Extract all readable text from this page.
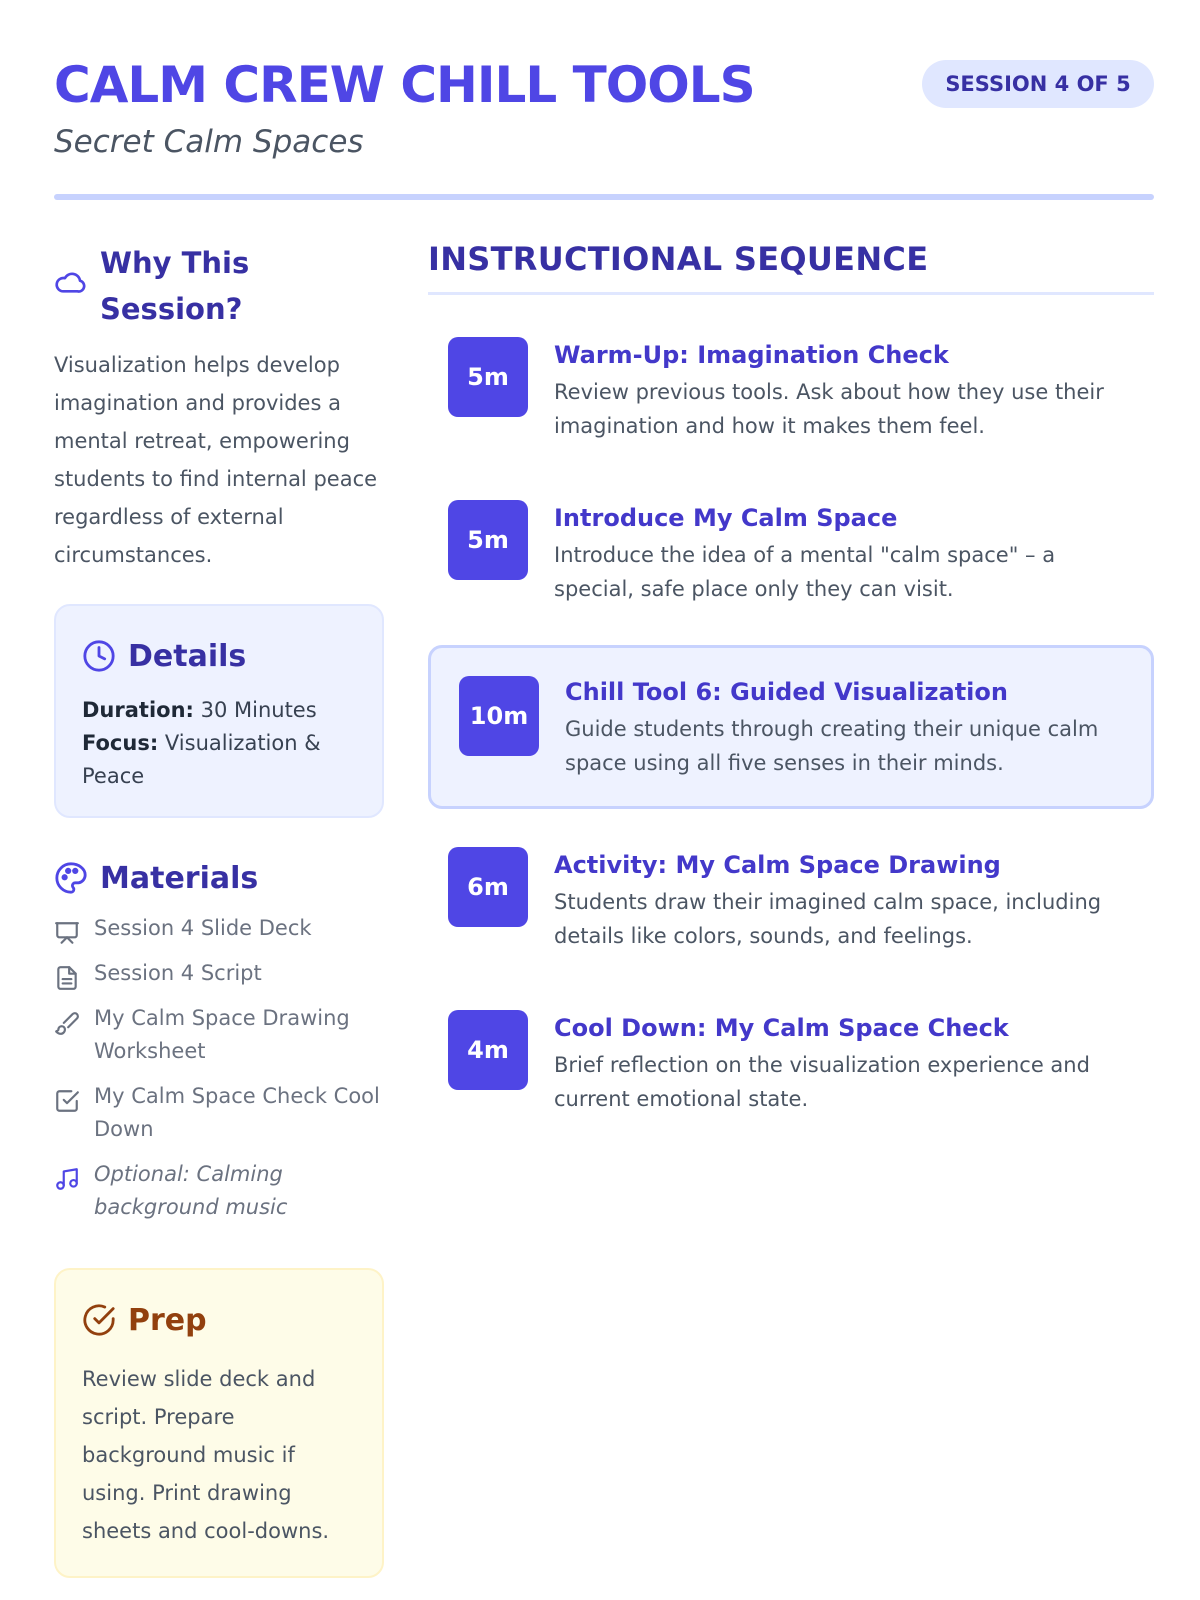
CALM CREW CHILL TOOLS
Secret Calm Spaces
SESSION 4 OF 5
Why This Session?
Visualization helps develop imagination and provides a mental retreat, empowering students to find internal peace regardless of external circumstances.
Details
Duration: 30 Minutes
Focus: Visualization & Peace
Materials
Session 4 Slide Deck
Session 4 Script
My Calm Space Drawing Worksheet
My Calm Space Check Cool Down
Optional: Calming background music
Prep
Review slide deck and script. Prepare background music if using. Print drawing sheets and cool-downs.
INSTRUCTIONAL SEQUENCE
5m
Warm-Up: Imagination Check
Review previous tools. Ask about how they use their imagination and how it makes them feel.
5m
Introduce My Calm Space
Introduce the idea of a mental "calm space" – a special, safe place only they can visit.
10m
Chill Tool 6: Guided Visualization
Guide students through creating their unique calm space using all five senses in their minds.
6m
Activity: My Calm Space Drawing
Students draw their imagined calm space, including details like colors, sounds, and feelings.
4m
Cool Down: My Calm Space Check
Brief reflection on the visualization experience and current emotional state.
